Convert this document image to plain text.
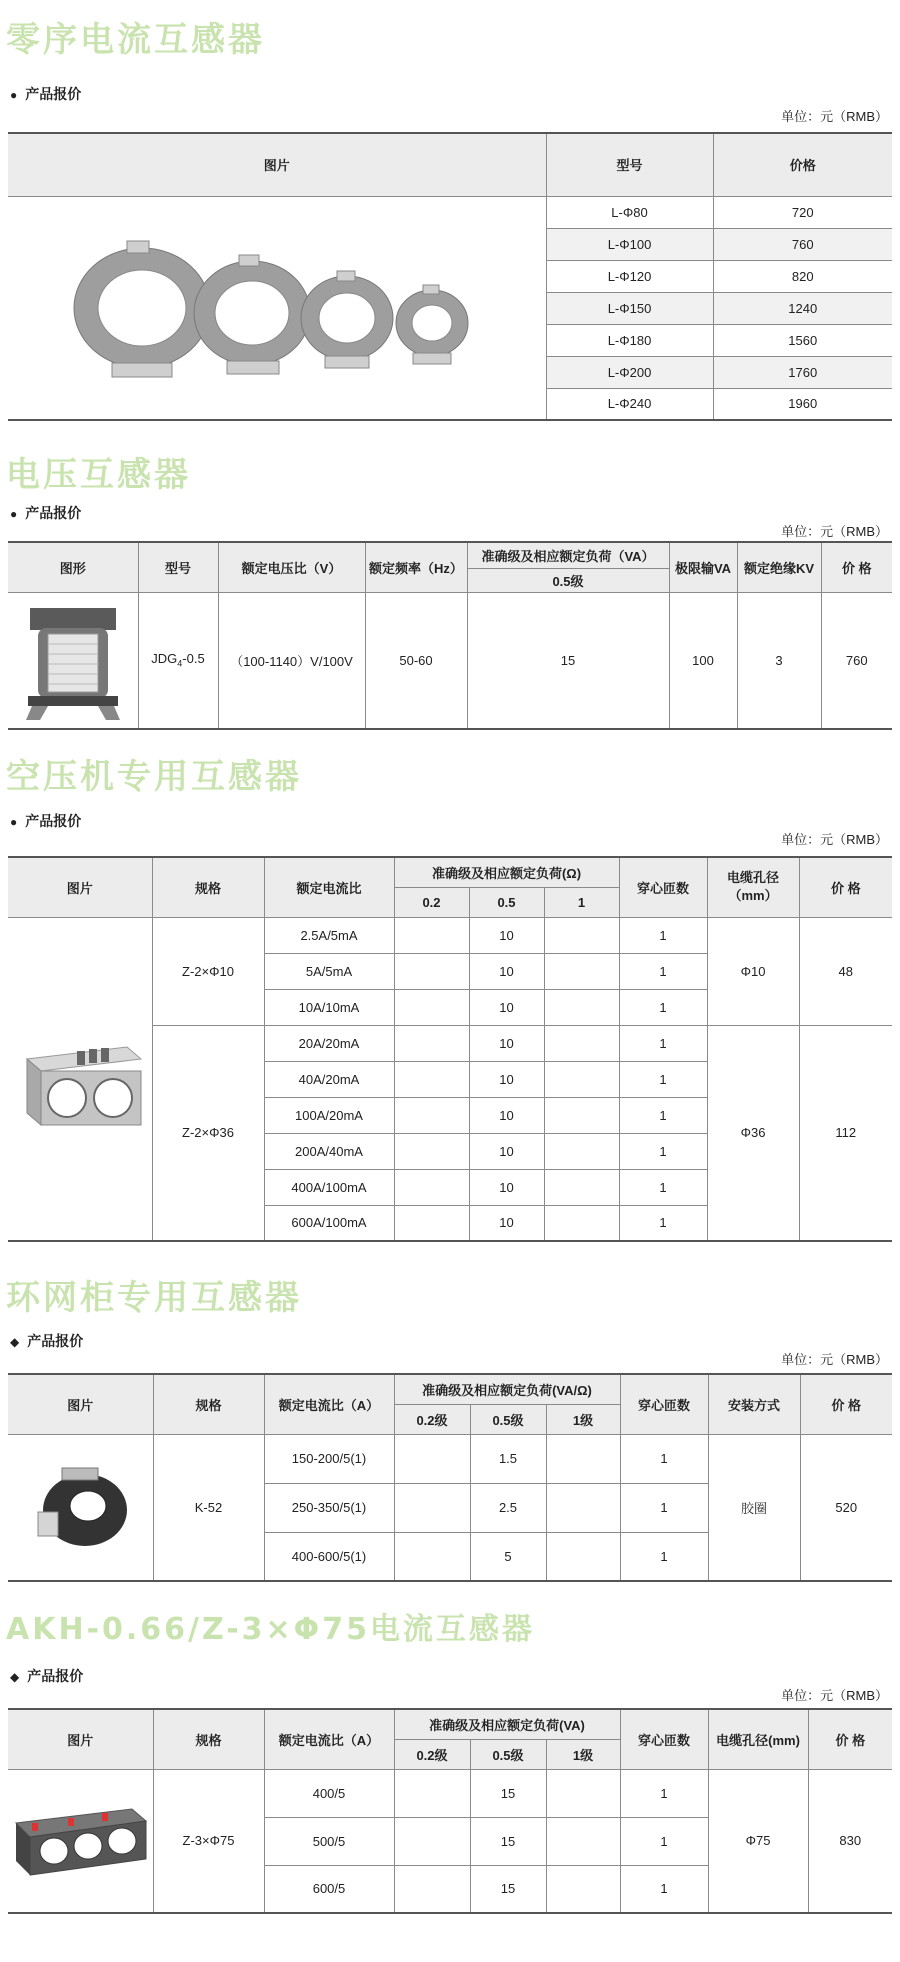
零序电流互感器
● 产品报价
单位：元（RMB）
图片	型号	价格

	L-Φ80	720
	L-Φ100	760
	L-Φ120	820
	L-Φ150	1240
	L-Φ180	1560
	L-Φ200	1760
	L-Φ240	1960
电压互感器
● 产品报价
单位：元（RMB）
图形	型号	额定电压比（V）	额定频率（Hz）	准确级及相应额定负荷（VA）	极限输VA	额定绝缘KV	价 格
				0.5级			

	$JDG_4-0.5$	（100-1140）V/100V	50-60	15	100	3	760
空压机专用互感器
● 产品报价
单位：元（RMB）
图片	规格	额定电流比	准确级及相应额定负荷(Ω)			穿心匝数	电缆孔径（mm）	价 格
			0.2	0.5	1			

	Z-2×Φ10	2.5A/5mA		10		1	Φ10	48
		5A/5mA		10		1		
		10A/10mA		10		1		
	Z-2×Φ36	20A/20mA		10		1	Φ36	112
		40A/20mA		10		1		
		100A/20mA		10		1		
		200A/40mA		10		1		
		400A/100mA		10		1		
		600A/100mA		10		1		
环网柜专用互感器
◆ 产品报价
单位：元（RMB）
图片	规格	额定电流比（A）	准确级及相应额定负荷(VA/Ω)			穿心匝数	安装方式	价 格
			0.2级	0.5级	1级			

	K-52	150-200/5(1)		1.5		1	胶圈	520
		250-350/5(1)		2.5		1		
		400-600/5(1)		5		1		
AKH-0.66/Z-3×Φ75电流互感器
◆ 产品报价
单位：元（RMB）
图片	规格	额定电流比（A）	准确级及相应额定负荷(VA)			穿心匝数	电缆孔径(mm)	价 格
			0.2级	0.5级	1级			

	Z-3×Φ75	400/5		15		1	Φ75	830
		500/5		15		1		
		600/5		15		1		
